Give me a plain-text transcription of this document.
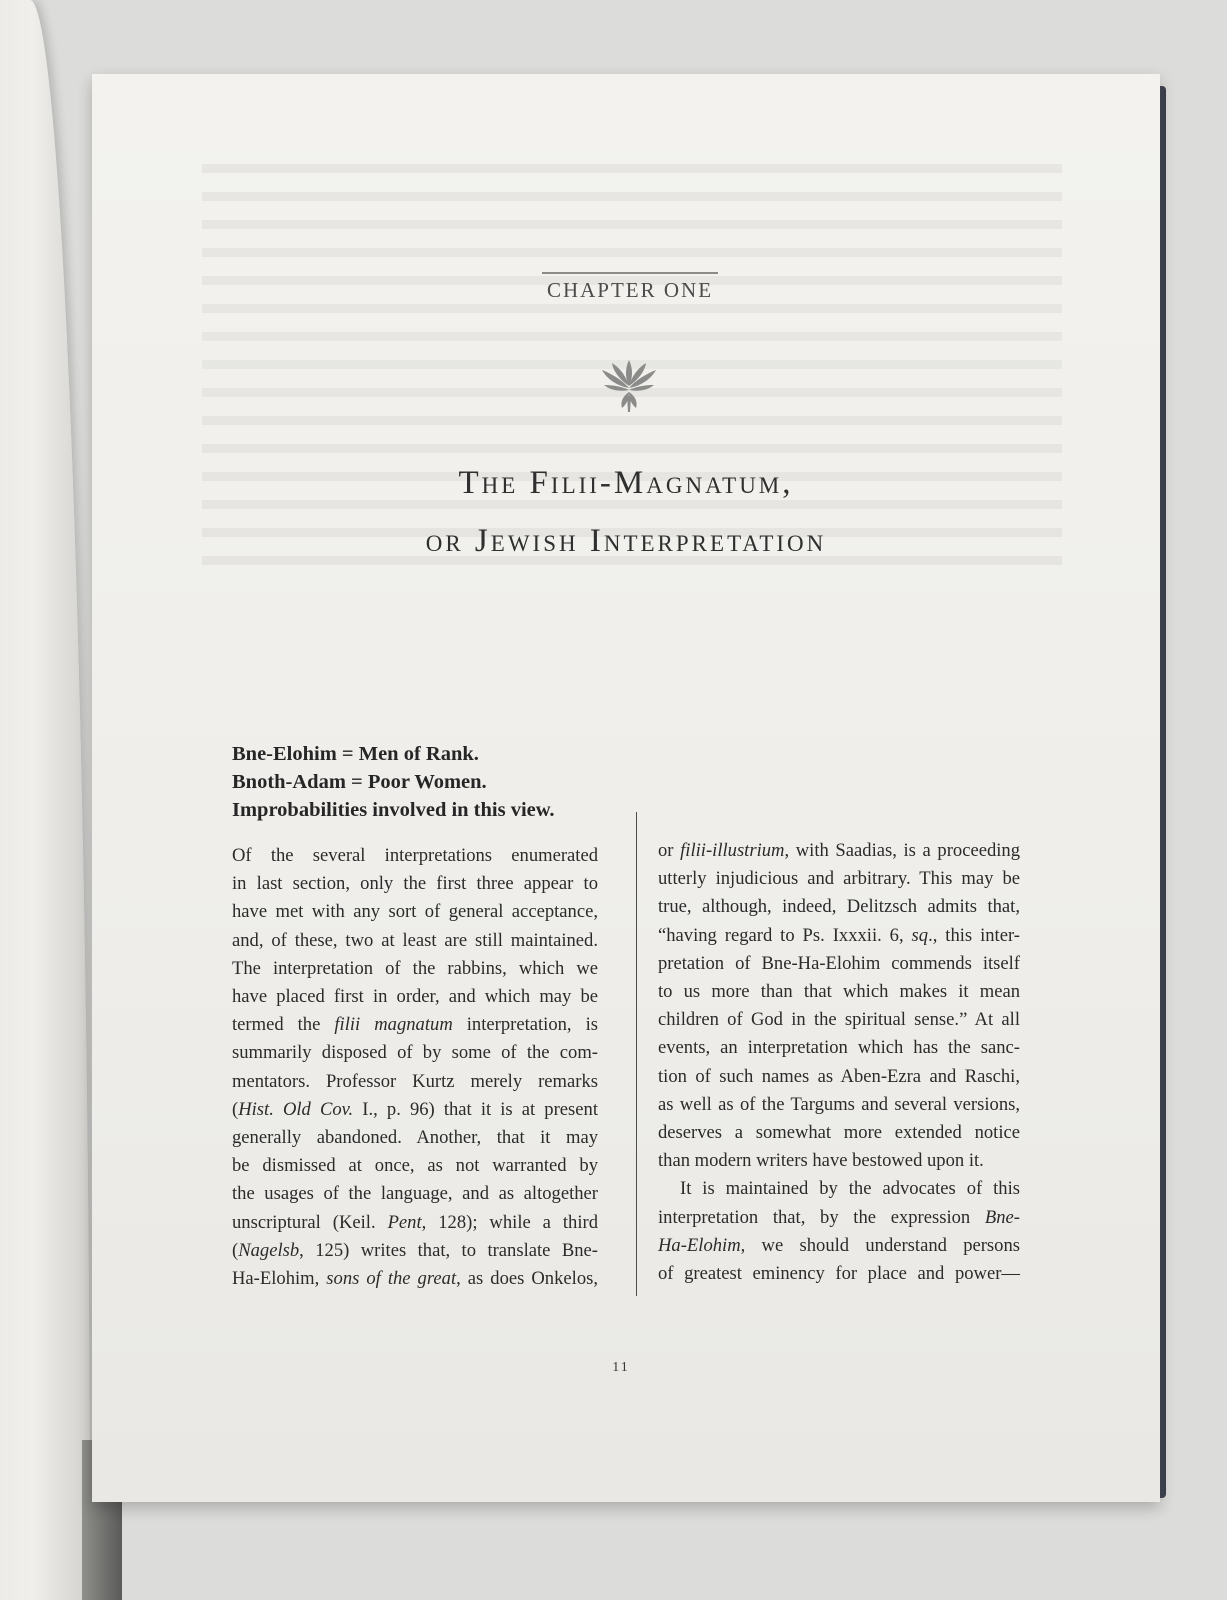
CHAPTER ONE
The Filii-Magnatum,
or Jewish Interpretation
Bne-Elohim = Men of Rank.
Bnoth-Adam = Poor Women.
Improbabilities involved in this view.
Of the several interpretations enumerated
in last section, only the first three appear to
have met with any sort of general acceptance,
and, of these, two at least are still maintained.
The interpretation of the rabbins, which we
have placed first in order, and which may be
termed the filii magnatum interpretation, is
summarily disposed of by some of the com-
mentators. Professor Kurtz merely remarks
(Hist. Old Cov. I., p. 96) that it is at present
generally abandoned. Another, that it may
be dismissed at once, as not warranted by
the usages of the language, and as altogether
unscriptural (Keil. Pent, 128); while a third
(Nagelsb, 125) writes that, to translate Bne-
Ha-Elohim, sons of the great, as does Onkelos,
or filii-illustrium, with Saadias, is a proceeding
utterly injudicious and arbitrary. This may be
true, although, indeed, Delitzsch admits that,
“having regard to Ps. Ixxxii. 6, sq., this inter-
pretation of Bne-Ha-Elohim commends itself
to us more than that which makes it mean
children of God in the spiritual sense.” At all
events, an interpretation which has the sanc-
tion of such names as Aben-Ezra and Raschi,
as well as of the Targums and several versions,
deserves a somewhat more extended notice
than modern writers have bestowed upon it.
It is maintained by the advocates of this
interpretation that, by the expression Bne-
Ha-Elohim, we should understand persons
of greatest eminency for place and power—
11
